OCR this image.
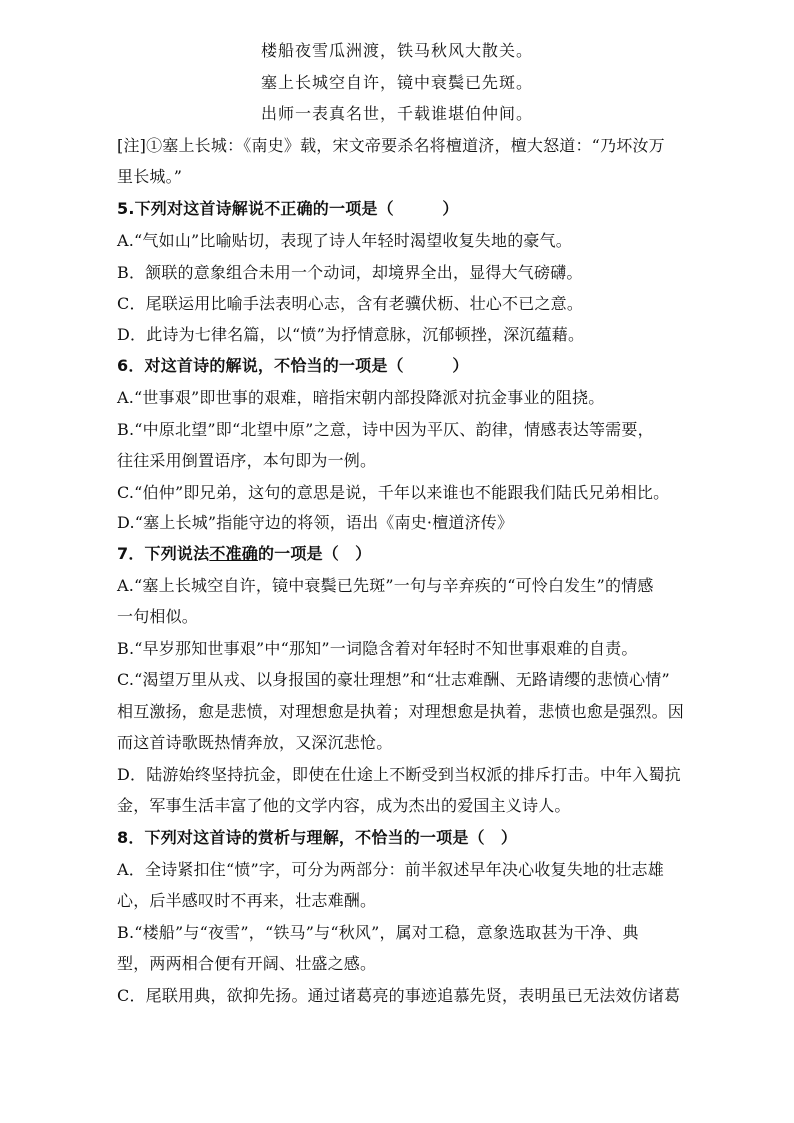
楼船夜雪瓜洲渡，铁马秋风大散关。
塞上长城空自许，镜中衰鬓已先斑。
出师一表真名世，千载谁堪伯仲间。
[注]①塞上长城：《南史》载，宋文帝要杀名将檀道济，檀大怒道：“乃坏汝万
里长城。”
5.下列对这首诗解说不正确的一项是（　　　）
A.“气如山”比喻贴切，表现了诗人年轻时渴望收复失地的豪气。
B．颔联的意象组合未用一个动词，却境界全出，显得大气磅礴。
C．尾联运用比喻手法表明心志，含有老骥伏枥、壮心不已之意。
D．此诗为七律名篇，以“愤”为抒情意脉，沉郁顿挫，深沉蕴藉。
6．对这首诗的解说，不恰当的一项是（　　　）
A.“世事艰”即世事的艰难，暗指宋朝内部投降派对抗金事业的阻挠。
B.“中原北望”即“北望中原”之意，诗中因为平仄、韵律，情感表达等需要，
往往采用倒置语序，本句即为一例。
C.“伯仲”即兄弟，这句的意思是说，千年以来谁也不能跟我们陆氏兄弟相比。
D.“塞上长城”指能守边的将领，语出《南史·檀道济传》
7．下列说法不准确的一项是（　）
A.“塞上长城空自许，镜中衰鬓已先斑”一句与辛弃疾的“可怜白发生”的情感
一句相似。
B.“早岁那知世事艰”中“那知”一词隐含着对年轻时不知世事艰难的自责。
C.“渴望万里从戎、以身报国的豪壮理想”和“壮志难酬、无路请缨的悲愤心情”
相互激扬，愈是悲愤，对理想愈是执着；对理想愈是执着，悲愤也愈是强烈。因
而这首诗歌既热情奔放，又深沉悲怆。
D．陆游始终坚持抗金，即使在仕途上不断受到当权派的排斥打击。中年入蜀抗
金，军事生活丰富了他的文学内容，成为杰出的爱国主义诗人。
8．下列对这首诗的赏析与理解，不恰当的一项是（　）
A．全诗紧扣住“愤”字，可分为两部分：前半叙述早年决心收复失地的壮志雄
心，后半感叹时不再来，壮志难酬。
B.“楼船”与“夜雪”，“铁马”与“秋风”，属对工稳，意象选取甚为干净、典
型，两两相合便有开阔、壮盛之感。
C．尾联用典，欲抑先扬。通过诸葛亮的事迹追慕先贤，表明虽已无法效仿诸葛
